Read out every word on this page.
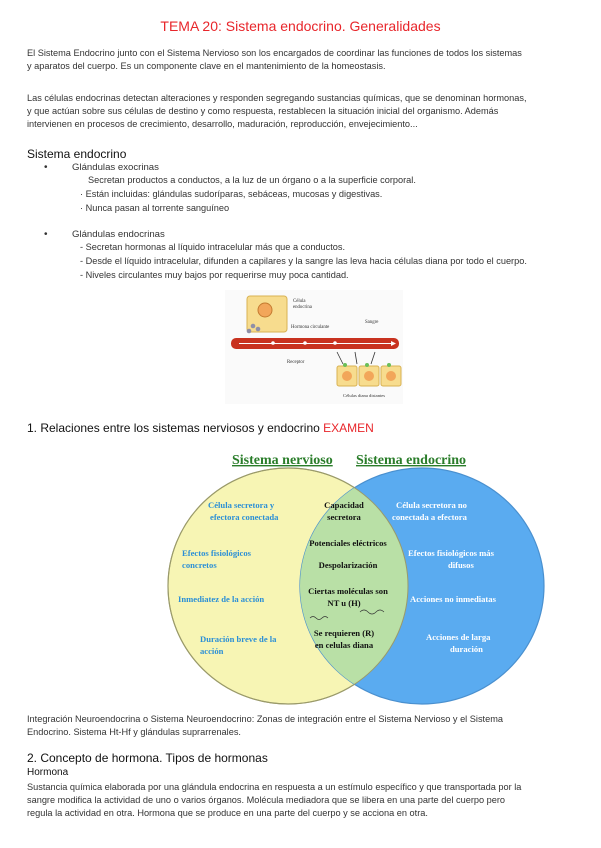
TEMA 20: Sistema endocrino. Generalidades
El Sistema Endocrino junto con el Sistema Nervioso son los encargados de coordinar las funciones de todos los sistemas
y aparatos del cuerpo. Es un componente clave en el mantenimiento de la homeostasis.
Las células endocrinas detectan alteraciones y responden segregando sustancias químicas, que se denominan hormonas,
y que actúan sobre sus células de destino y como respuesta, restablecen la situación inicial del organismo. Además
intervienen en procesos de crecimiento, desarrollo, maduración, reproducción, envejecimiento...
Sistema endocrino
•	Glándulas exocrinas
Secretan productos a conductos, a la luz de un órgano o a la superficie corporal.
· Están incluidas: glándulas sudoríparas, sebáceas, mucosas y digestivas.
· Nunca pasan al torrente sanguíneo
•	Glándulas endocrinas
- Secretan hormonas al líquido intracelular más que a conductos.
- Desde el líquido intracelular, difunden a capilares y la sangre las leva hacia células diana por todo el cuerpo.
- Niveles circulantes muy bajos por requerirse muy poca cantidad.
Célula
endocrina
Hormona circulante
Sangre
Receptor
Células diana distantes
1. Relaciones entre los sistemas nerviosos y endocrino EXAMEN
Sistema nervioso Sistema endocrino
Célula secretora y
efectora conectada
Efectos fisiológicos
concretos
Inmediatez de la acción
Duración breve de la
acción
Capacidad
secretora
Potenciales eléctricos
Despolarización
Ciertas moléculas son
NT u (H)
Se requieren (R)
en celulas diana
Célula secretora no
conectada a efectora
Efectos fisiológicos más
difusos
Acciones no inmediatas
Acciones de larga
duración
Integración Neuroendocrina o Sistema Neuroendocrino: Zonas de integración entre el Sistema Nervioso y el Sistema
Endocrino. Sistema Ht-Hf y glándulas suprarrenales.
2. Concepto de hormona. Tipos de hormonas
Hormona
Sustancia química elaborada por una glándula endocrina en respuesta a un estímulo específico y que transportada por la
sangre modifica la actividad de uno o varios órganos. Molécula mediadora que se libera en una parte del cuerpo pero
regula la actividad en otra. Hormona que se produce en una parte del cuerpo y se acciona en otra.
